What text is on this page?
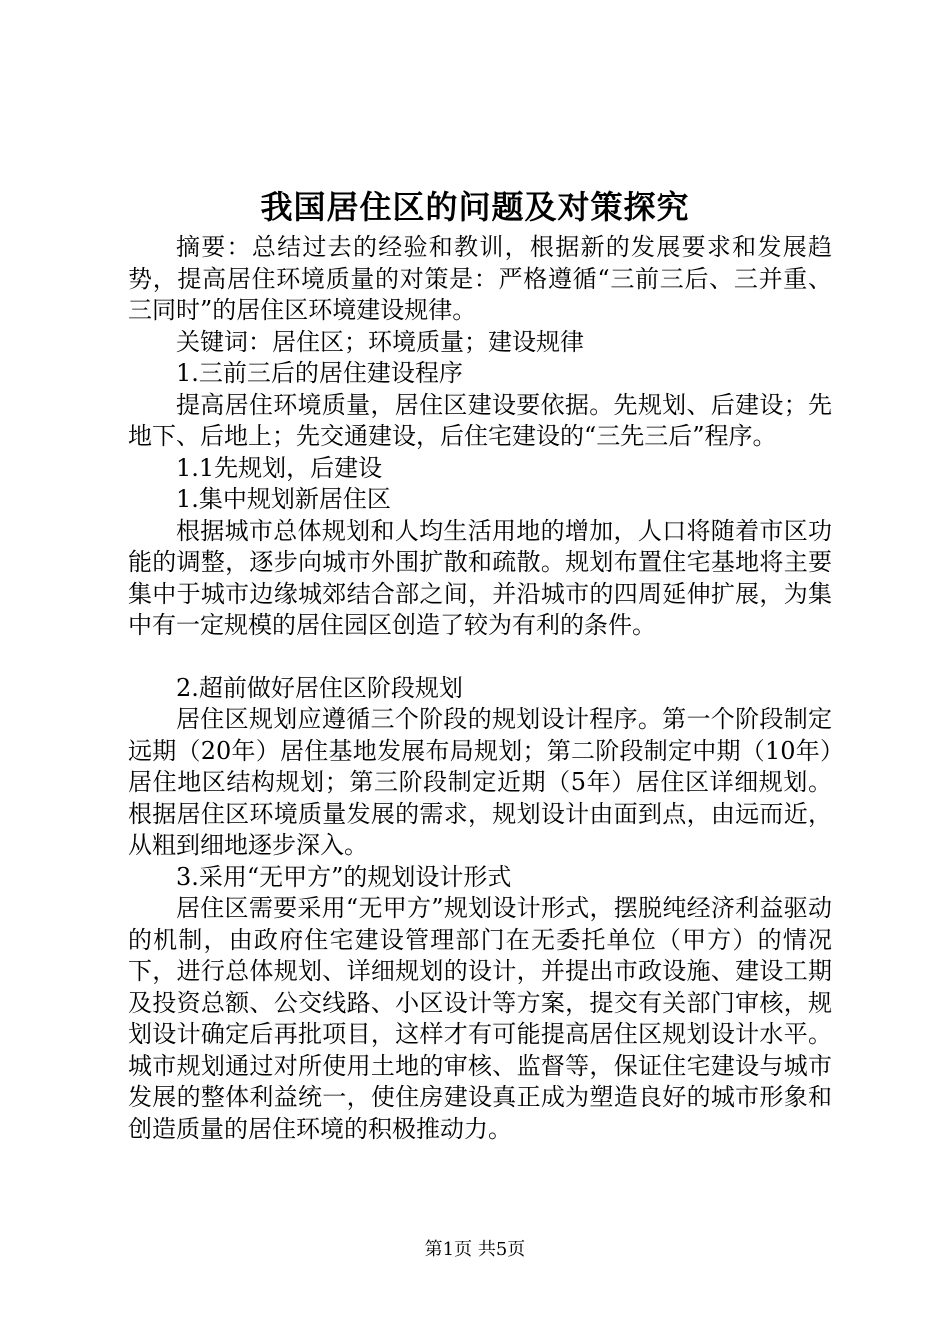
我国居住区的问题及对策探究

摘要：总结过去的经验和教训，根据新的发展要求和发展趋势，提高居住环境质量的对策是：严格遵循“三前三后、三并重、三同时”的居住区环境建设规律。

关键词：居住区；环境质量；建设规律

1.三前三后的居住建设程序

提高居住环境质量，居住区建设要依据。先规划、后建设；先地下、后地上；先交通建设，后住宅建设的“三先三后”程序。

1.1先规划，后建设

1.集中规划新居住区

根据城市总体规划和人均生活用地的增加，人口将随着市区功能的调整，逐步向城市外围扩散和疏散。规划布置住宅基地将主要集中于城市边缘城郊结合部之间，并沿城市的四周延伸扩展，为集中有一定规模的居住园区创造了较为有利的条件。

2.超前做好居住区阶段规划

居住区规划应遵循三个阶段的规划设计程序。第一个阶段制定远期（20年）居住基地发展布局规划；第二阶段制定中期（10年）居住地区结构规划；第三阶段制定近期（5年）居住区详细规划。根据居住区环境质量发展的需求，规划设计由面到点，由远而近，从粗到细地逐步深入。

3.采用“无甲方”的规划设计形式

居住区需要采用“无甲方”规划设计形式，摆脱纯经济利益驱动的机制，由政府住宅建设管理部门在无委托单位（甲方）的情况下，进行总体规划、详细规划的设计，并提出市政设施、建设工期及投资总额、公交线路、小区设计等方案，提交有关部门审核，规划设计确定后再批项目，这样才有可能提高居住区规划设计水平。城市规划通过对所使用土地的审核、监督等，保证住宅建设与城市发展的整体利益统一，使住房建设真正成为塑造良好的城市形象和创造质量的居住环境的积极推动力。

第1页 共5页
